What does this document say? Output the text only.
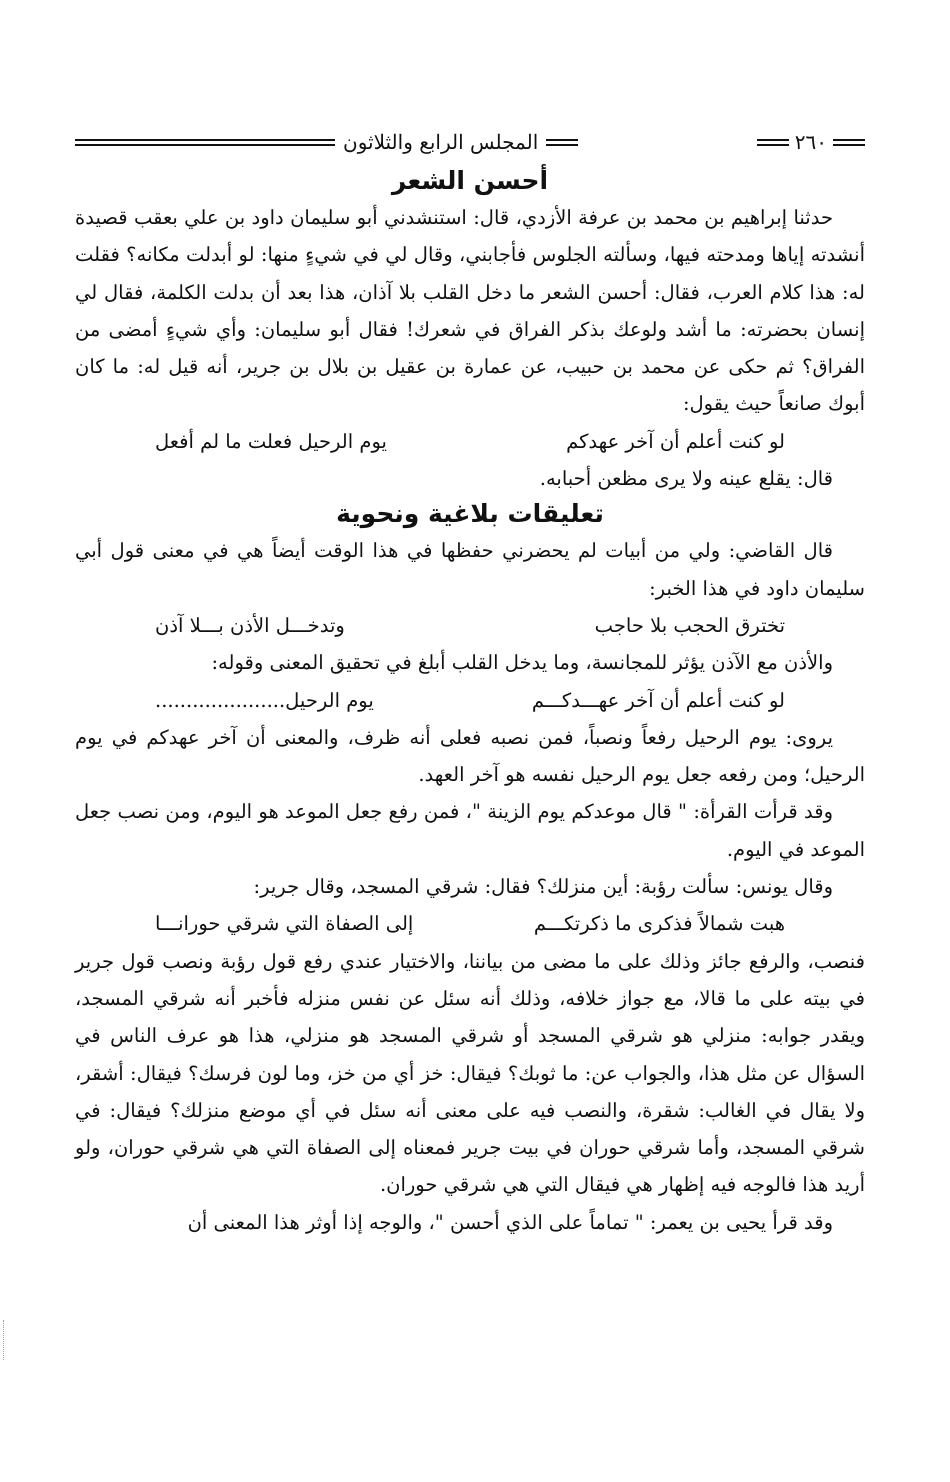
٢٦٠
المجلس الرابع والثلاثون
أحسن الشعر

حدثنا إبراهيم بن محمد بن عرفة الأزدي، قال: استنشدني أبو سليمان داود بن علي بعقب قصيدة أنشدته إياها ومدحته فيها، وسألته الجلوس فأجابني، وقال لي في شيءٍ منها: لو أبدلت مكانه؟ فقلت له: هذا كلام العرب، فقال: أحسن الشعر ما دخل القلب بلا آذان، هذا بعد أن بدلت الكلمة، فقال لي إنسان بحضرته: ما أشد ولوعك بذكر الفراق في شعرك! فقال أبو سليمان: وأي شيءٍ أمضى من الفراق؟ ثم حكى عن محمد بن حبيب، عن عمارة بن عقيل بن بلال بن جرير، أنه قيل له: ما كان أبوك صانعاً حيث يقول:

لو كنت أعلم أن آخر عهدكم
يوم الرحيل فعلت ما لم أفعل

قال: يقلع عينه ولا يرى مظعن أحبابه.

تعليقات بلاغية ونحوية

قال القاضي: ولي من أبيات لم يحضرني حفظها في هذا الوقت أيضاً هي في معنى قول أبي سليمان داود في هذا الخبر:

تخترق الحجب بلا حاجب
وتدخـــل الأذن بـــلا آذن

والأذن مع الآذن يؤثر للمجانسة، وما يدخل القلب أبلغ في تحقيق المعنى وقوله:

لو كنت أعلم أن آخر عهـــدكـــم
يوم الرحيل.....................

يروى: يوم الرحيل رفعاً ونصباً، فمن نصبه فعلى أنه ظرف، والمعنى أن آخر عهدكم في يوم الرحيل؛ ومن رفعه جعل يوم الرحيل نفسه هو آخر العهد.

وقد قرأت القرأة: " قال موعدكم يوم الزينة "، فمن رفع جعل الموعد هو اليوم، ومن نصب جعل الموعد في اليوم.

وقال يونس: سألت رؤبة: أين منزلك؟ فقال: شرقي المسجد، وقال جرير:

هبت شمالاً فذكرى ما ذكرتكـــم
إلى الصفاة التي شرقي حورانـــا

فنصب، والرفع جائز وذلك على ما مضى من بياننا، والاختيار عندي رفع قول رؤبة ونصب قول جرير في بيته على ما قالا، مع جواز خلافه، وذلك أنه سئل عن نفس منزله فأخبر أنه شرقي المسجد، ويقدر جوابه: منزلي هو شرقي المسجد أو شرقي المسجد هو منزلي، هذا هو عرف الناس في السؤال عن مثل هذا، والجواب عن: ما ثوبك؟ فيقال: خز أي من خز، وما لون فرسك؟ فيقال: أشقر، ولا يقال في الغالب: شقرة، والنصب فيه على معنى أنه سئل في أي موضع منزلك؟ فيقال: في شرقي المسجد، وأما شرقي حوران في بيت جرير فمعناه إلى الصفاة التي هي شرقي حوران، ولو أريد هذا فالوجه فيه إظهار هي فيقال التي هي شرقي حوران.

وقد قرأ يحيى بن يعمر: " تماماً على الذي أحسن "، والوجه إذا أوثر هذا المعنى أن
